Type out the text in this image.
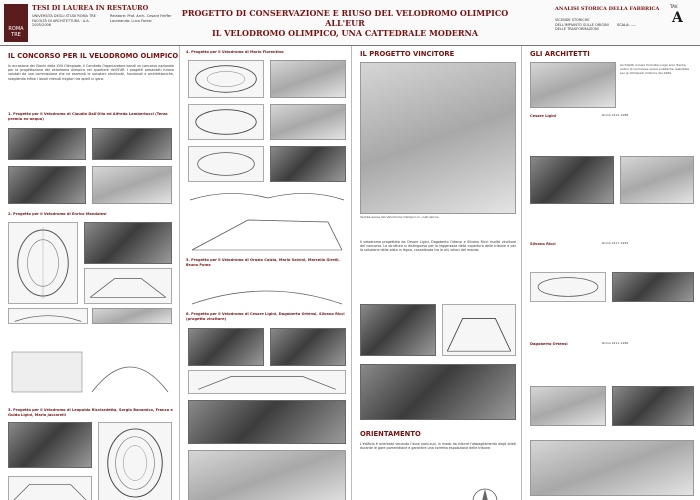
ROMA TRE
TESI DI LAUREA IN RESTAURO
UNIVERSITÀ DEGLI STUDI ROMA TRE · FACOLTÀ DI ARCHITETTURA · A.A. 2005/2006
Relatore: Prof. Arch. Cesare Feiffer
Laureando: Luca Foresi
PROGETTO DI CONSERVAZIONE E RIUSO DEL VELODROMO OLIMPICO ALL'EUR
IL VELODROMO OLIMPICO, UNA CATTEDRALE MODERNA
ANALISI STORICA DELLA FABBRICA
VICENDE STORICHE DELL'IMPIANTO SULLE ORIGINI DELLE TRASFORMAZIONI
SCALA: ----
TAV.
A
IL CONCORSO PER IL VELODROMO OLIMPICO
In occasione dei Giochi della XVII Olimpiade, il Comitato Organizzatore bandì un concorso nazionale per la progettazione del velodromo olimpico nel quartiere dell'EUR. I progetti presentati furono valutati da una commissione che ne esaminò le soluzioni strutturali, funzionali e architettoniche, scegliendo infine i lavori ritenuti migliori tra quelli in gara.
1. Progetto per il Velodromo di Claudio Dall'Olio ed Alfredo Lambertucci (Terzo premio ex-aequo)
2. Progetto per il Velodromo di Enrico Mandolesi
3. Progetto per il Velodromo di Leopoldo Ricciardetta, Sergio Bonamico, Franco e Guido Ligini, Mario Jaccarelli
4. Progetto per il Velodromo di Mario Fiorentino
5. Progetto per il Velodromo di Orazio Calzia, Mario Salvini, Marcello Girelli, Bruno Poma
6. Progetto per il Velodromo di Cesare Ligini, Dagoberto Ortensi, Silvano Ricci (progetto vincitore)
IL PROGETTO VINCITORE
Veduta aerea del Velodromo Olimpico in costruzione
Il velodromo progettato da Cesare Ligini, Dagoberto Ortensi e Silvano Ricci risultò vincitore del concorso. La struttura si distingueva per la leggerezza della copertura delle tribune e per la soluzione della pista in legno, considerata tra le più veloci del mondo.
ORIENTAMENTO
L'edificio è orientato secondo l'asse nord-sud, in modo da ridurre l'abbagliamento degli atleti durante le gare pomeridiane e garantire una corretta esposizione delle tribune.
GLI ARCHITETTI
Architetti romani formatisi negli anni Trenta, autori di numerose opere pubbliche realizzate per le Olimpiadi di Roma del 1960.
Cesare Ligini	Roma 1913–1988
Silvano Ricci	Roma 1917–1992
Dagoberto Ortensi	Roma 1911–1986
